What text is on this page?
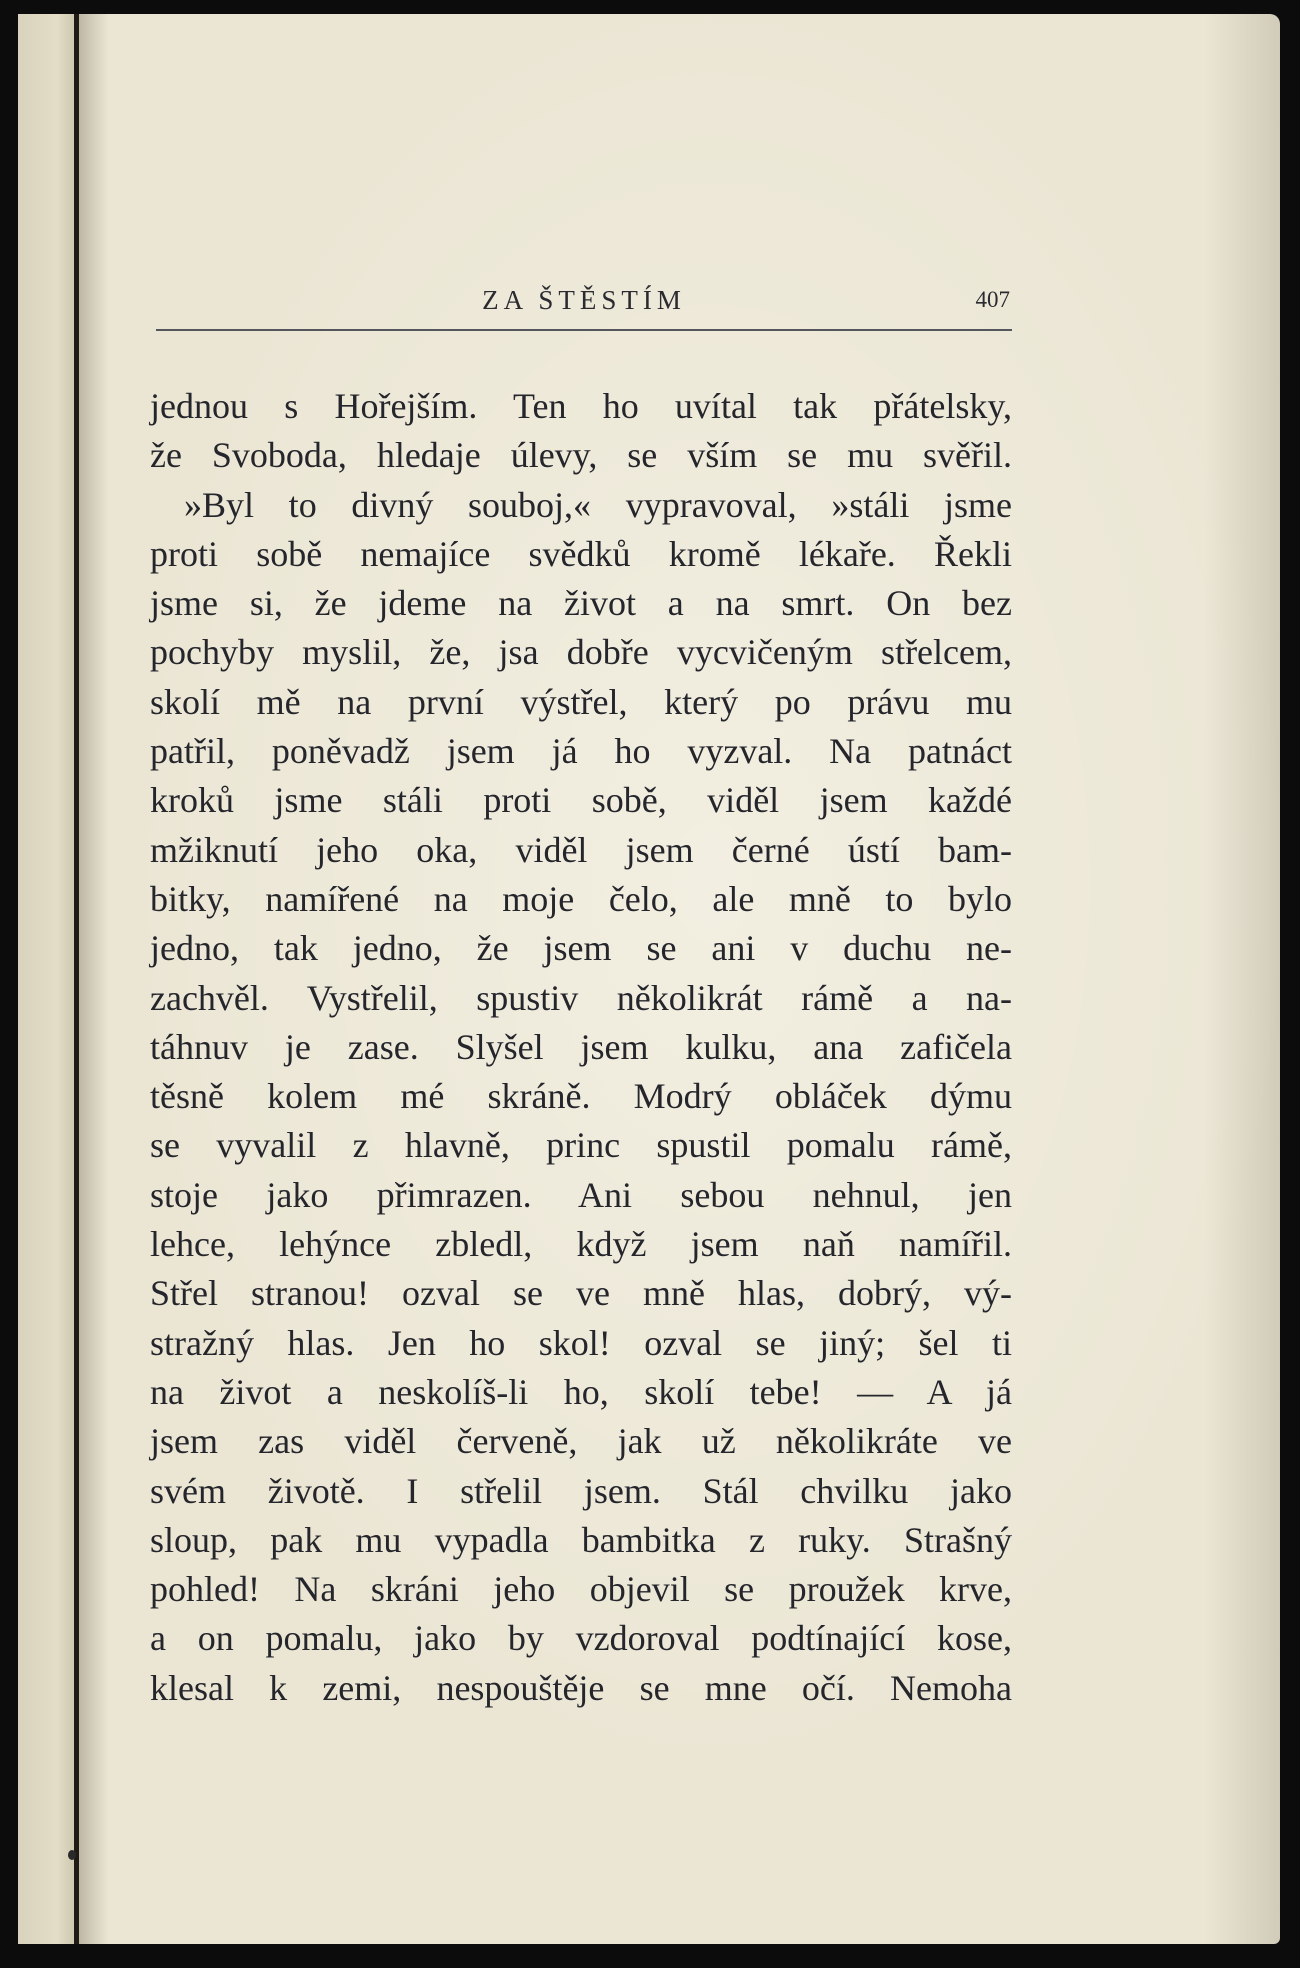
ZA ŠTĚSTÍM	407
jednou s Hořejším. Ten ho uvítal tak přátelsky,
že Svoboda, hledaje úlevy, se vším se mu svěřil.
»Byl to divný souboj,« vypravoval, »stáli jsme
proti sobě nemajíce svědků kromě lékaře. Řekli
jsme si, že jdeme na život a na smrt. On bez
pochyby myslil, že, jsa dobře vycvičeným střelcem,
skolí mě na první výstřel, který po právu mu
patřil, poněvadž jsem já ho vyzval. Na patnáct
kroků jsme stáli proti sobě, viděl jsem každé
mžiknutí jeho oka, viděl jsem černé ústí bam-
bitky, namířené na moje čelo, ale mně to bylo
jedno, tak jedno, že jsem se ani v duchu ne-
zachvěl. Vystřelil, spustiv několikrát rámě a na-
táhnuv je zase. Slyšel jsem kulku, ana zafičela
těsně kolem mé skráně. Modrý obláček dýmu
se vyvalil z hlavně, princ spustil pomalu rámě,
stoje jako přimrazen. Ani sebou nehnul, jen
lehce, lehýnce zbledl, když jsem naň namířil.
Střel stranou! ozval se ve mně hlas, dobrý, vý-
stražný hlas. Jen ho skol! ozval se jiný; šel ti
na život a neskolíš-li ho, skolí tebe! — A já
jsem zas viděl červeně, jak už několikráte ve
svém životě. I střelil jsem. Stál chvilku jako
sloup, pak mu vypadla bambitka z ruky. Strašný
pohled! Na skráni jeho objevil se proužek krve,
a on pomalu, jako by vzdoroval podtínající kose,
klesal k zemi, nespouštěje se mne očí. Nemoha
